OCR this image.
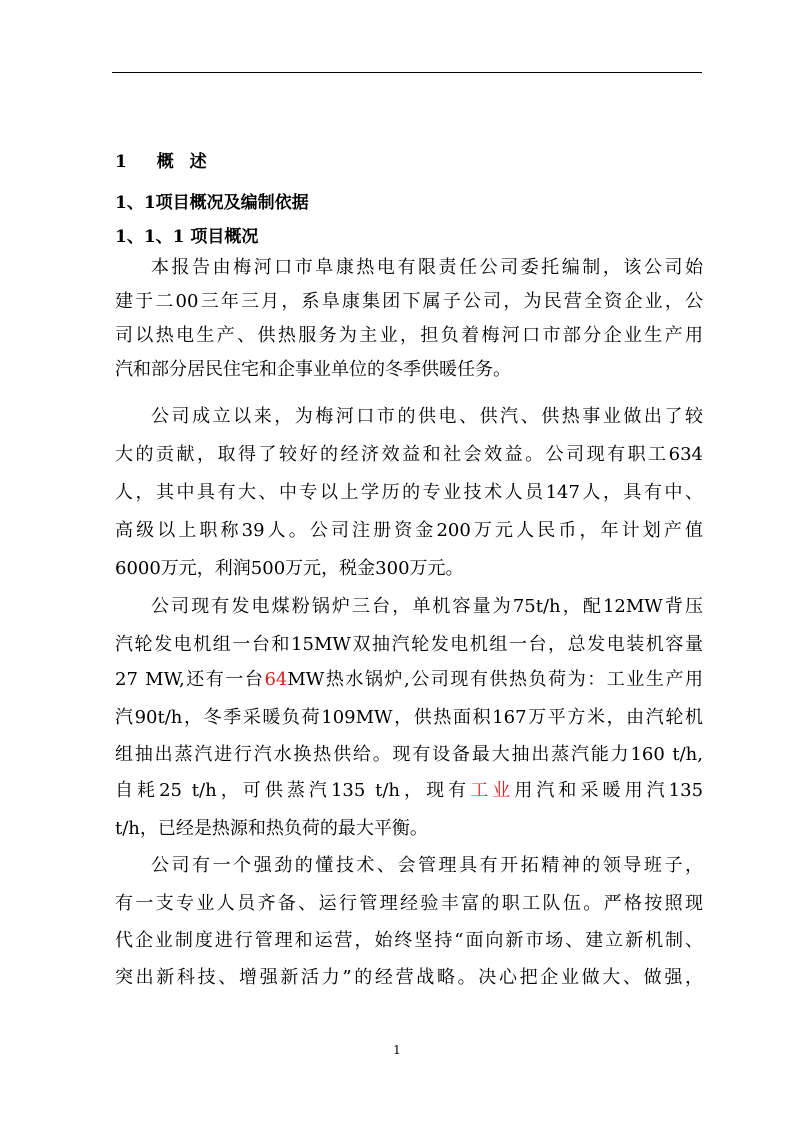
1 概述
1、1项目概况及编制依据
1、1、1 项目概况
本报告由梅河口市阜康热电有限责任公司委托编制，该公司始
建于二00三年三月，系阜康集团下属子公司，为民营全资企业，公
司以热电生产、供热服务为主业，担负着梅河口市部分企业生产用
汽和部分居民住宅和企事业单位的冬季供暖任务。
公司成立以来，为梅河口市的供电、供汽、供热事业做出了较
大的贡献，取得了较好的经济效益和社会效益。公司现有职工634
人，其中具有大、中专以上学历的专业技术人员147人，具有中、
高级以上职称39人。公司注册资金200万元人民币，年计划产值
6000万元，利润500万元，税金300万元。
公司现有发电煤粉锅炉三台，单机容量为75t/h，配12MW背压
汽轮发电机组一台和15MW双抽汽轮发电机组一台，总发电装机容量
27 MW,还有一台64MW热水锅炉,公司现有供热负荷为：工业生产用
汽90t/h，冬季采暖负荷109MW，供热面积167万平方米，由汽轮机
组抽出蒸汽进行汽水换热供给。现有设备最大抽出蒸汽能力160 t/h,
自耗25 t/h，可供蒸汽135 t/h，现有工业用汽和采暖用汽135
t/h，已经是热源和热负荷的最大平衡。
公司有一个强劲的懂技术、会管理具有开拓精神的领导班子，
有一支专业人员齐备、运行管理经验丰富的职工队伍。严格按照现
代企业制度进行管理和运营，始终坚持“面向新市场、建立新机制、
突出新科技、增强新活力”的经营战略。决心把企业做大、做强，
1
